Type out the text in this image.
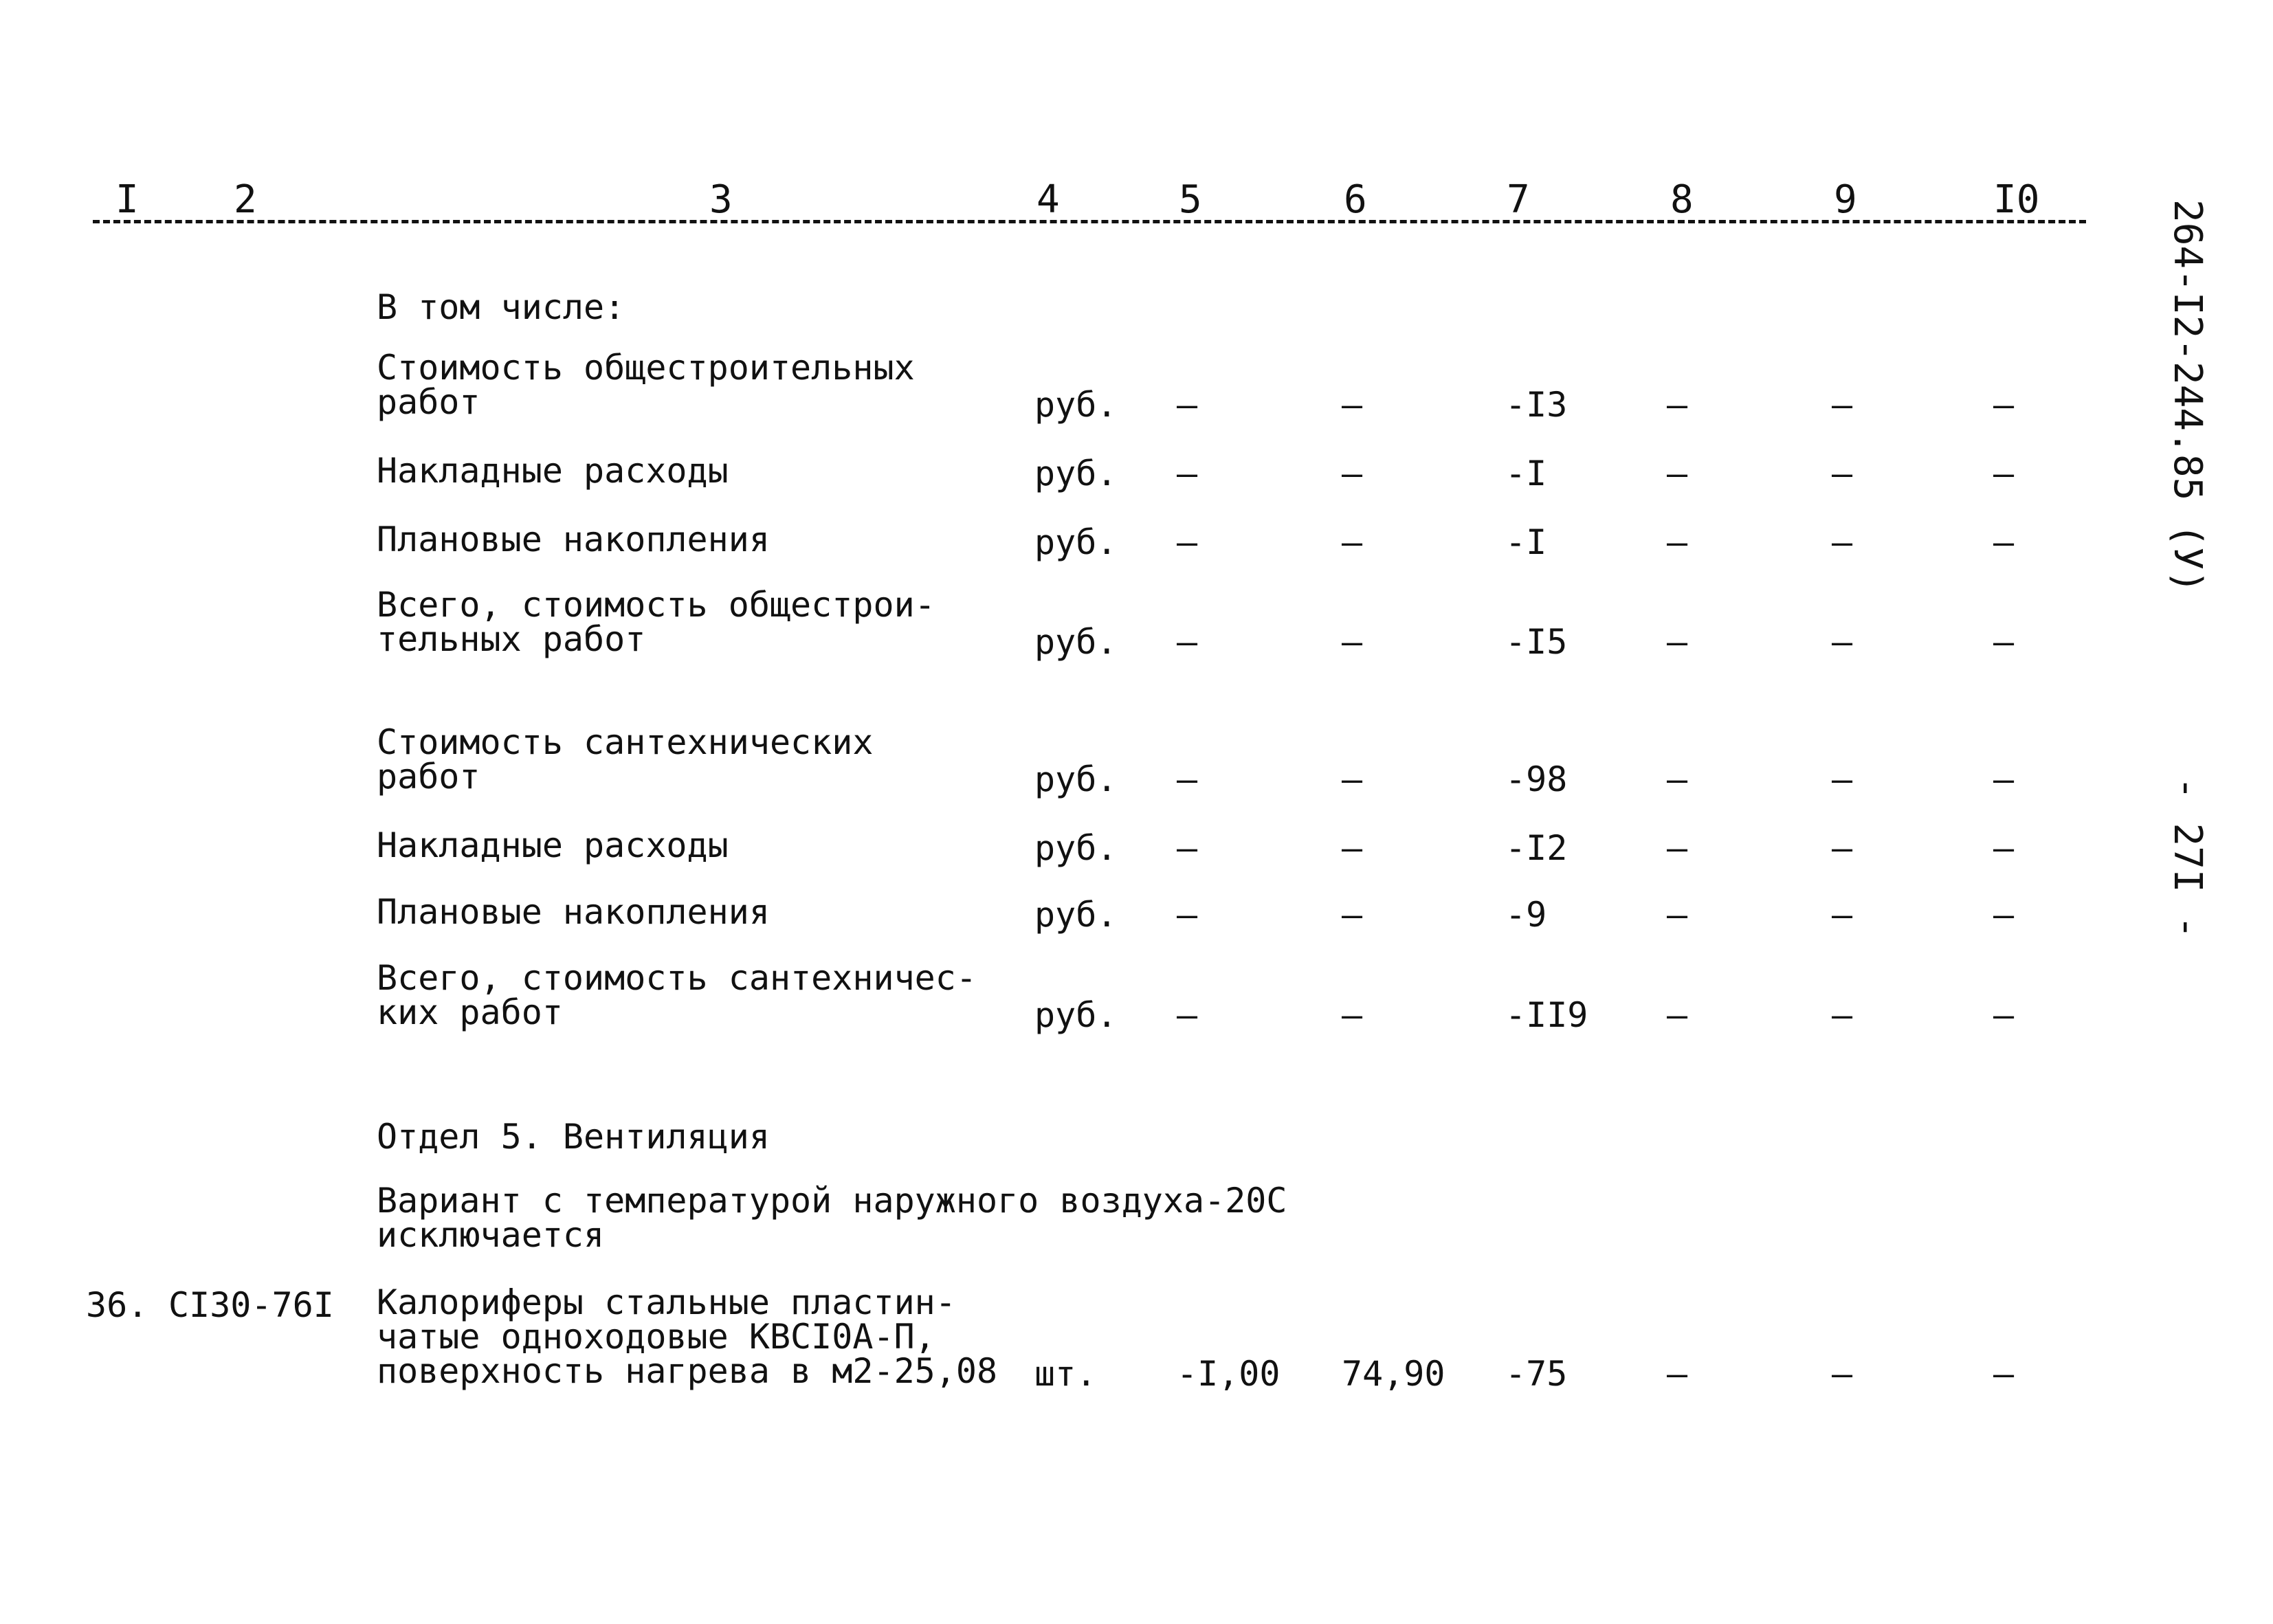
I 2	3	4	5	6	7	8	9	I0	264-I2-244.85 (У)
- 27I -
В том числе:
Стоимость общестроительных
работ	руб. –	–	-I3	–	–	–
Накладные расходы	руб. –	–	-I	–	–	–
Плановые накопления	руб. –	–	-I	–	–	–
Всего, стоимость общестрои-
тельных работ	руб. –	–	-I5	–	–	–
Стоимость сантехнических
работ	руб. –	–	-98	–	–	–
Накладные расходы	руб. –	–	-I2	–	–	–
Плановые накопления	руб. –	–	-9	–	–	–
Всего, стоимость сантехничес-
ких работ	руб. –	–	-II9 –	–	–
Отдел 5. Вентиляция
Вариант с температурой наружного воздуха-20С
исключается
36. СI30-76I Калориферы стальные пластин-
чатые одноходовые КВСI0А-П,
поверхность нагрева в м2-25,08 шт. -I,00 74,90 -75	–	–	–
